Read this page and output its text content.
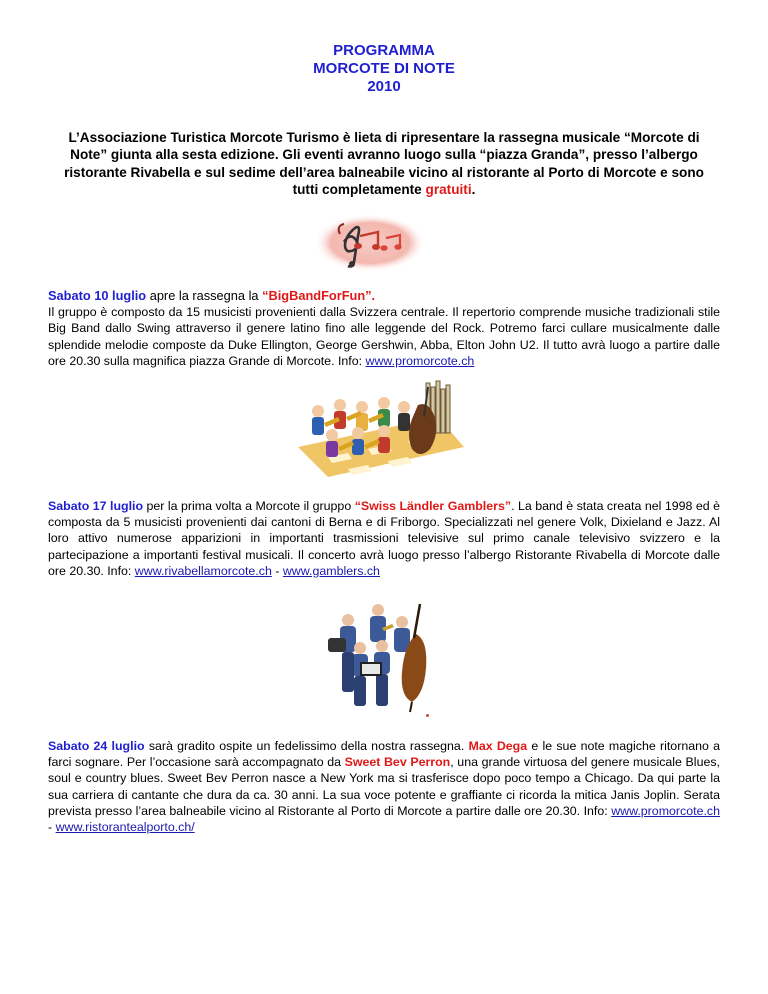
PROGRAMMA
MORCOTE DI NOTE
2010
L’Associazione Turistica Morcote Turismo è lieta di ripresentare la rassegna musicale “Morcote di Note” giunta alla sesta edizione. Gli eventi avranno luogo sulla “piazza Granda”, presso l’albergo ristorante Rivabella e sul sedime dell’area balneabile vicino al ristorante al Porto di Morcote e sono tutti completamente gratuiti.

Sabato 10 luglio apre la rassegna la “BigBandForFun”.

Il gruppo è composto da 15 musicisti provenienti dalla Svizzera centrale. Il repertorio comprende musiche tradizionali stile Big Band dallo Swing attraverso il genere latino fino alle leggende del Rock. Potremo farci cullare musicalmente dalle splendide melodie composte da Duke Ellington, George Gershwin, Abba, Elton John U2. Il tutto avrà luogo a partire dalle ore 20.30 sulla magnifica piazza Grande di Morcote. Info: www.promorcote.ch

Sabato 17 luglio per la prima volta a Morcote il gruppo “Swiss Ländler Gamblers”. La band è stata creata nel 1998 ed è composta da 5 musicisti provenienti dai cantoni di Berna e di Friborgo. Specializzati nel genere Volk, Dixieland e Jazz. Al loro attivo numerose apparizioni in importanti trasmissioni televisive sul primo canale televisivo svizzero e la partecipazione a importanti festival musicali. Il concerto avrà luogo presso l’albergo Ristorante Rivabella di Morcote dalle ore 20.30. Info: www.rivabellamorcote.ch - www.gamblers.ch

Sabato 24 luglio sarà gradito ospite un fedelissimo della nostra rassegna. Max Dega e le sue note magiche ritornano a farci sognare. Per l’occasione sarà accompagnato da Sweet Bev Perron, una grande virtuosa del genere musicale Blues, soul e country blues. Sweet Bev Perron nasce a New York ma si trasferisce dopo poco tempo a Chicago. Da qui parte la sua carriera di cantante che dura da ca. 30 anni. La sua voce potente e graffiante ci ricorda la mitica Janis Joplin. Serata prevista presso l’area balneabile vicino al Ristorante al Porto di Morcote a partire dalle ore 20.30. Info: www.promorcote.ch - www.ristorantealporto.ch/
